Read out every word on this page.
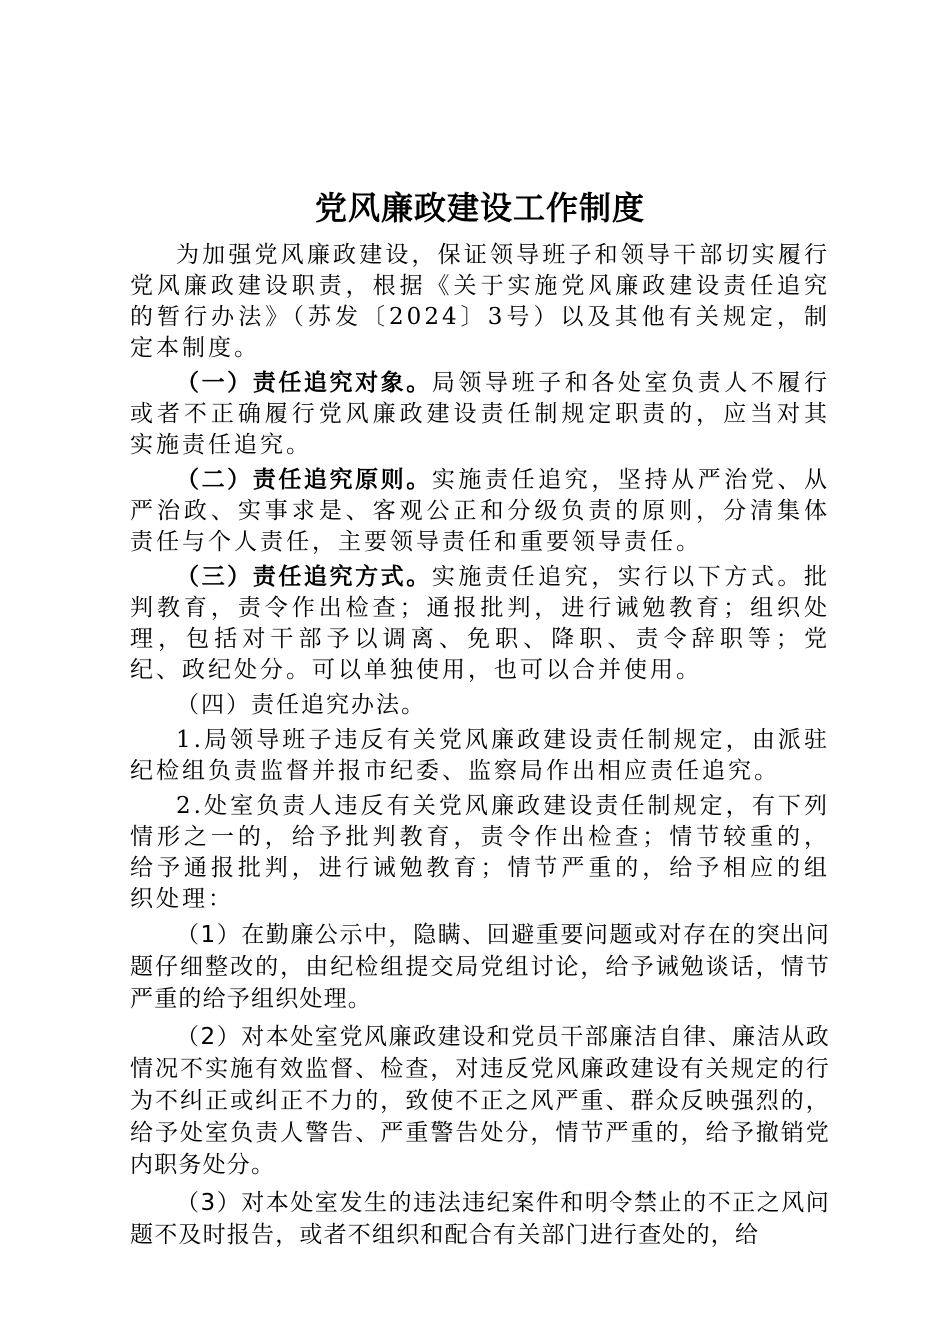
党风廉政建设工作制度

为加强党风廉政建设，保证领导班子和领导干部切实履行党风廉政建设职责，根据《关于实施党风廉政建设责任追究的暂行办法》（苏发〔2024〕3号）以及其他有关规定，制定本制度。

（一）责任追究对象。局领导班子和各处室负责人不履行或者不正确履行党风廉政建设责任制规定职责的，应当对其实施责任追究。

（二）责任追究原则。实施责任追究，坚持从严治党、从严治政、实事求是、客观公正和分级负责的原则，分清集体责任与个人责任，主要领导责任和重要领导责任。

（三）责任追究方式。实施责任追究，实行以下方式。批判教育，责令作出检查；通报批判，进行诫勉教育；组织处理，包括对干部予以调离、免职、降职、责令辞职等；党纪、政纪处分。可以单独使用，也可以合并使用。

（四）责任追究办法。

1.局领导班子违反有关党风廉政建设责任制规定，由派驻纪检组负责监督并报市纪委、监察局作出相应责任追究。

2.处室负责人违反有关党风廉政建设责任制规定，有下列情形之一的，给予批判教育，责令作出检查；情节较重的，给予通报批判，进行诫勉教育；情节严重的，给予相应的组织处理：

（1）在勤廉公示中，隐瞒、回避重要问题或对存在的突出问题仔细整改的，由纪检组提交局党组讨论，给予诫勉谈话，情节严重的给予组织处理。

（2）对本处室党风廉政建设和党员干部廉洁自律、廉洁从政情况不实施有效监督、检查，对违反党风廉政建设有关规定的行为不纠正或纠正不力的，致使不正之风严重、群众反映强烈的，给予处室负责人警告、严重警告处分，情节严重的，给予撤销党内职务处分。

（3）对本处室发生的违法违纪案件和明令禁止的不正之风问题不及时报告，或者不组织和配合有关部门进行查处的，给
